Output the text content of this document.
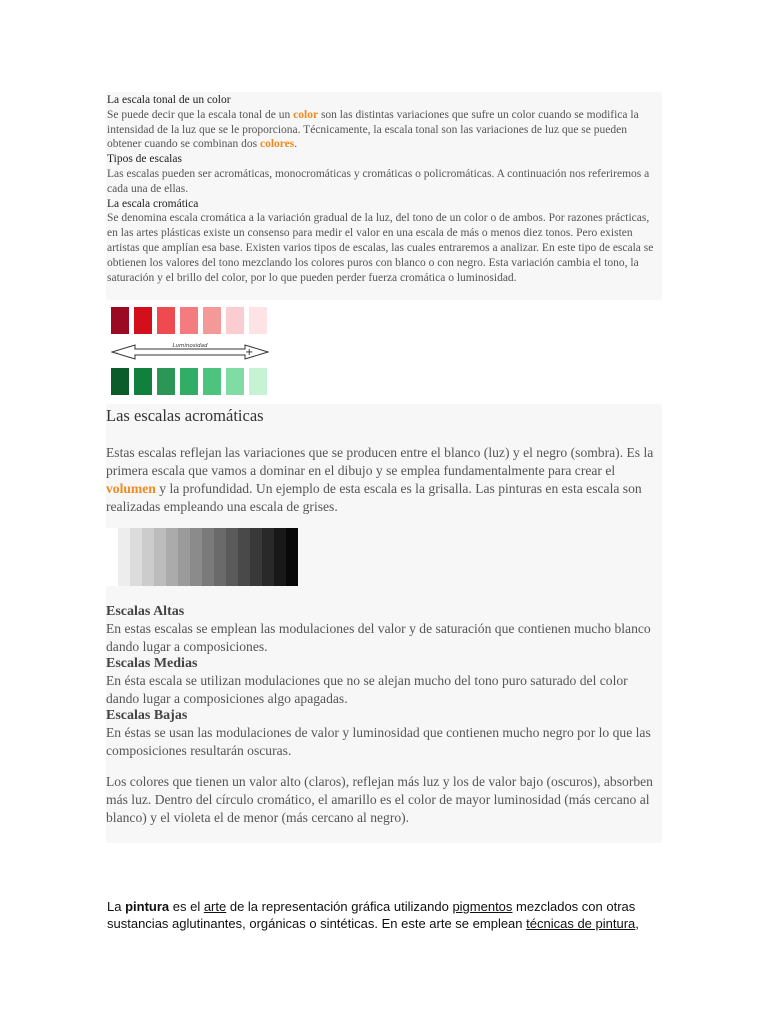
La escala tonal de un color
Se puede decir que la escala tonal de un color son las distintas variaciones que sufre un color cuando se modifica la intensidad de la luz que se le proporciona. Técnicamente, la escala tonal son las variaciones de luz que se pueden obtener cuando se combinan dos colores.
Tipos de escalas
Las escalas pueden ser acromáticas, monocromáticas y cromáticas o policromáticas. A continuación nos referiremos a cada una de ellas.
La escala cromática
Se denomina escala cromática a la variación gradual de la luz, del tono de un color o de ambos. Por razones prácticas, en las artes plásticas existe un consenso para medir el valor en una escala de más o menos diez tonos. Pero existen artistas que amplían esa base. Existen varios tipos de escalas, las cuales entraremos a analizar. En este tipo de escala se obtienen los valores del tono mezclando los colores puros con blanco o con negro. Esta variación cambia el tono, la saturación y el brillo del color, por lo que pueden perder fuerza cromática o luminosidad.
-
Luminosidad
+
Las escalas acromáticas
Estas escalas reflejan las variaciones que se producen entre el blanco (luz) y el negro (sombra). Es la primera escala que vamos a dominar en el dibujo y se emplea fundamentalmente para crear el volumen y la profundidad. Un ejemplo de esta escala es la grisalla. Las pinturas en esta escala son realizadas empleando una escala de grises.
Escalas Altas

En estas escalas se emplean las modulaciones del valor y de saturación que contienen mucho blanco dando lugar a composiciones.

Escalas Medias

En ésta escala se utilizan modulaciones que no se alejan mucho del tono puro saturado del color dando lugar a composiciones algo apagadas.

Escalas Bajas

En éstas se usan las modulaciones de valor y luminosidad que contienen mucho negro por lo que las composiciones resultarán oscuras.

Los colores que tienen un valor alto (claros), reflejan más luz y los de valor bajo (oscuros), absorben más luz. Dentro del círculo cromático, el amarillo es el color de mayor luminosidad (más cercano al blanco) y el violeta el de menor (más cercano al negro).
La pintura es el arte de la representación gráfica utilizando pigmentos mezclados con otras sustancias aglutinantes, orgánicas o sintéticas. En este arte se emplean técnicas de pintura,
